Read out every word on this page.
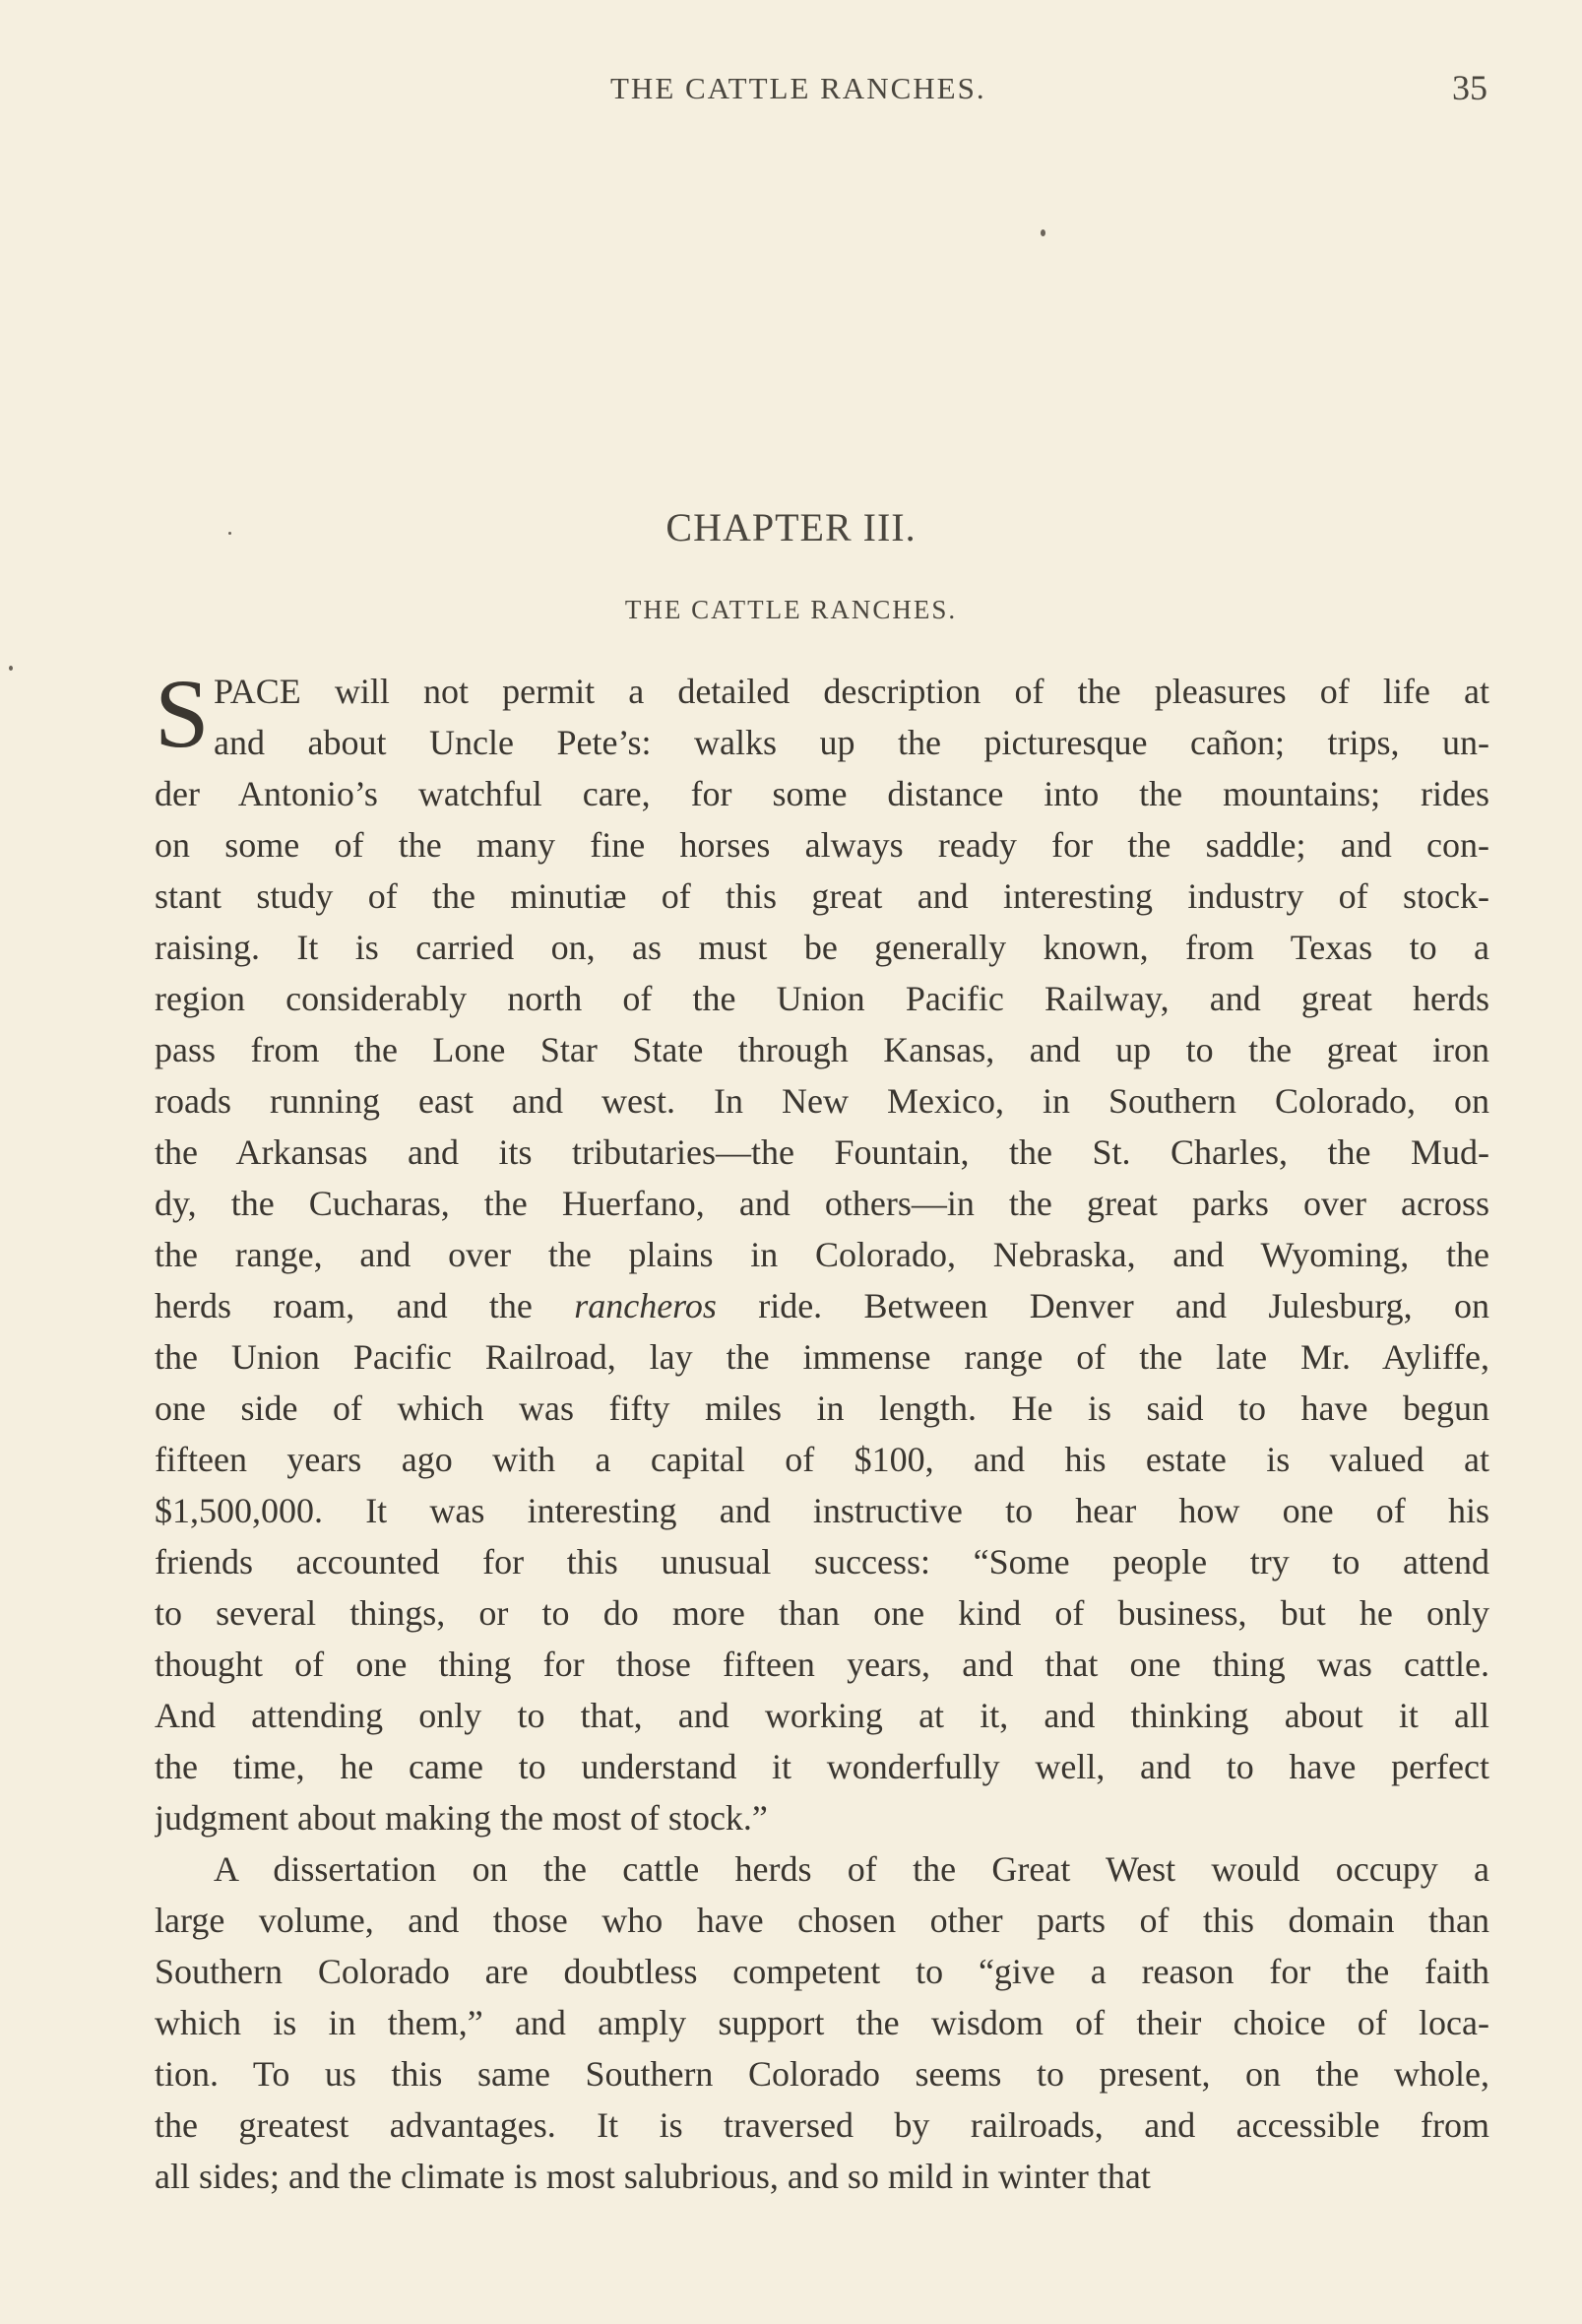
THE CATTLE RANCHES.	35
CHAPTER III.
THE CATTLE RANCHES.
S PACE will not permit a detailed description of the pleasures of life at
and about Uncle Pete’s: walks up the picturesque cañon; trips, un-
der Antonio’s watchful care, for some distance into the mountains; rides
on some of the many fine horses always ready for the saddle; and con-
stant study of the minutiæ of this great and interesting industry of stock-
raising. It is carried on, as must be generally known, from Texas to a
region considerably north of the Union Pacific Railway, and great herds
pass from the Lone Star State through Kansas, and up to the great iron
roads running east and west. In New Mexico, in Southern Colorado, on
the Arkansas and its tributaries—the Fountain, the St. Charles, the Mud-
dy, the Cucharas, the Huerfano, and others—in the great parks over across
the range, and over the plains in Colorado, Nebraska, and Wyoming, the
herds roam, and the rancheros ride. Between Denver and Julesburg, on
the Union Pacific Railroad, lay the immense range of the late Mr. Ayliffe,
one side of which was fifty miles in length. He is said to have begun
fifteen years ago with a capital of $100, and his estate is valued at
$1,500,000. It was interesting and instructive to hear how one of his
friends accounted for this unusual success: “Some people try to attend
to several things, or to do more than one kind of business, but he only
thought of one thing for those fifteen years, and that one thing was cattle.
And attending only to that, and working at it, and thinking about it all
the time, he came to understand it wonderfully well, and to have perfect
judgment about making the most of stock.”
A dissertation on the cattle herds of the Great West would occupy a
large volume, and those who have chosen other parts of this domain than
Southern Colorado are doubtless competent to “give a reason for the faith
which is in them,” and amply support the wisdom of their choice of loca-
tion. To us this same Southern Colorado seems to present, on the whole,
the greatest advantages. It is traversed by railroads, and accessible from
all sides; and the climate is most salubrious, and so mild in winter that
